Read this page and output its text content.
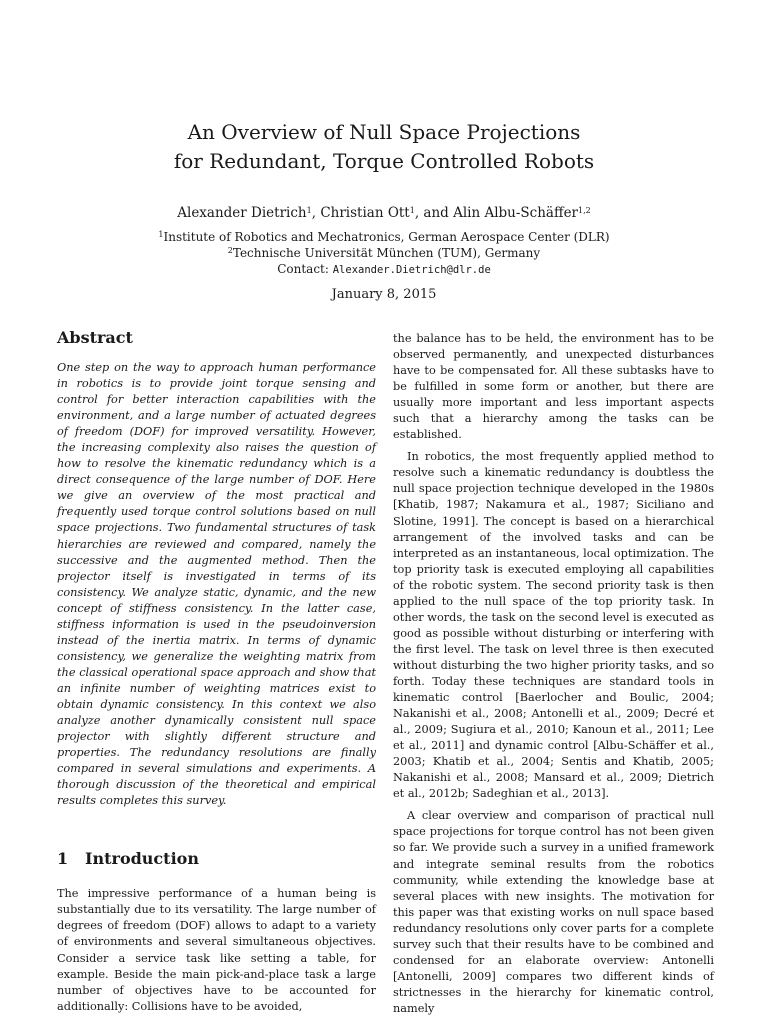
An Overview of Null Space Projections
for Redundant, Torque Controlled Robots
Alexander Dietrich$^1$, Christian Ott$^1$, and Alin Albu-Schäffer$^{1,2}$
$^1$Institute of Robotics and Mechatronics, German Aerospace Center (DLR)
$^2$Technische Universität München (TUM), Germany
Contact: Alexander.Dietrich@dlr.de
January 8, 2015
Abstract

One step on the way to approach human performance in robotics is to provide joint torque sensing and control for better interaction capabilities with the environment, and a large number of actuated degrees of freedom (DOF) for improved versatility. However, the increasing complexity also raises the question of how to resolve the kinematic redundancy which is a direct consequence of the large number of DOF. Here we give an overview of the most practical and frequently used torque control solutions based on null space projections. Two fundamental structures of task hierarchies are reviewed and compared, namely the successive and the augmented method. Then the projector itself is investigated in terms of its consistency. We analyze static, dynamic, and the new concept of stiffness consistency. In the latter case, stiffness information is used in the pseudoinversion instead of the inertia matrix. In terms of dynamic consistency, we generalize the weighting matrix from the classical operational space approach and show that an infinite number of weighting matrices exist to obtain dynamic consistency. In this context we also analyze another dynamically consistent null space projector with slightly different structure and properties. The redundancy resolutions are finally compared in several simulations and experiments. A thorough discussion of the theoretical and empirical results completes this survey.

1 Introduction

The impressive performance of a human being is substantially due to its versatility. The large number of degrees of freedom (DOF) allows to adapt to a variety of environments and several simultaneous objectives. Consider a service task like setting a table, for example. Beside the main pick-and-place task a large number of objectives have to be accounted for additionally: Collisions have to be avoided,

the balance has to be held, the environment has to be observed permanently, and unexpected disturbances have to be compensated for. All these subtasks have to be fulfilled in some form or another, but there are usually more important and less important aspects such that a hierarchy among the tasks can be established.

In robotics, the most frequently applied method to resolve such a kinematic redundancy is doubtless the null space projection technique developed in the 1980s [Khatib, 1987; Nakamura et al., 1987; Siciliano and Slotine, 1991]. The concept is based on a hierarchical arrangement of the involved tasks and can be interpreted as an instantaneous, local optimization. The top priority task is executed employing all capabilities of the robotic system. The second priority task is then applied to the null space of the top priority task. In other words, the task on the second level is executed as good as possible without disturbing or interfering with the first level. The task on level three is then executed without disturbing the two higher priority tasks, and so forth. Today these techniques are standard tools in kinematic control [Baerlocher and Boulic, 2004; Nakanishi et al., 2008; Antonelli et al., 2009; Decré et al., 2009; Sugiura et al., 2010; Kanoun et al., 2011; Lee et al., 2011] and dynamic control [Albu-Schäffer et al., 2003; Khatib et al., 2004; Sentis and Khatib, 2005; Nakanishi et al., 2008; Mansard et al., 2009; Dietrich et al., 2012b; Sadeghian et al., 2013].

A clear overview and comparison of practical null space projections for torque control has not been given so far. We provide such a survey in a unified framework and integrate seminal results from the robotics community, while extending the knowledge base at several places with new insights. The motivation for this paper was that existing works on null space based redundancy resolutions only cover parts for a complete survey such that their results have to be combined and condensed for an elaborate overview: Antonelli [Antonelli, 2009] compares two different kinds of strictnesses in the hierarchy for kinematic control, namely
